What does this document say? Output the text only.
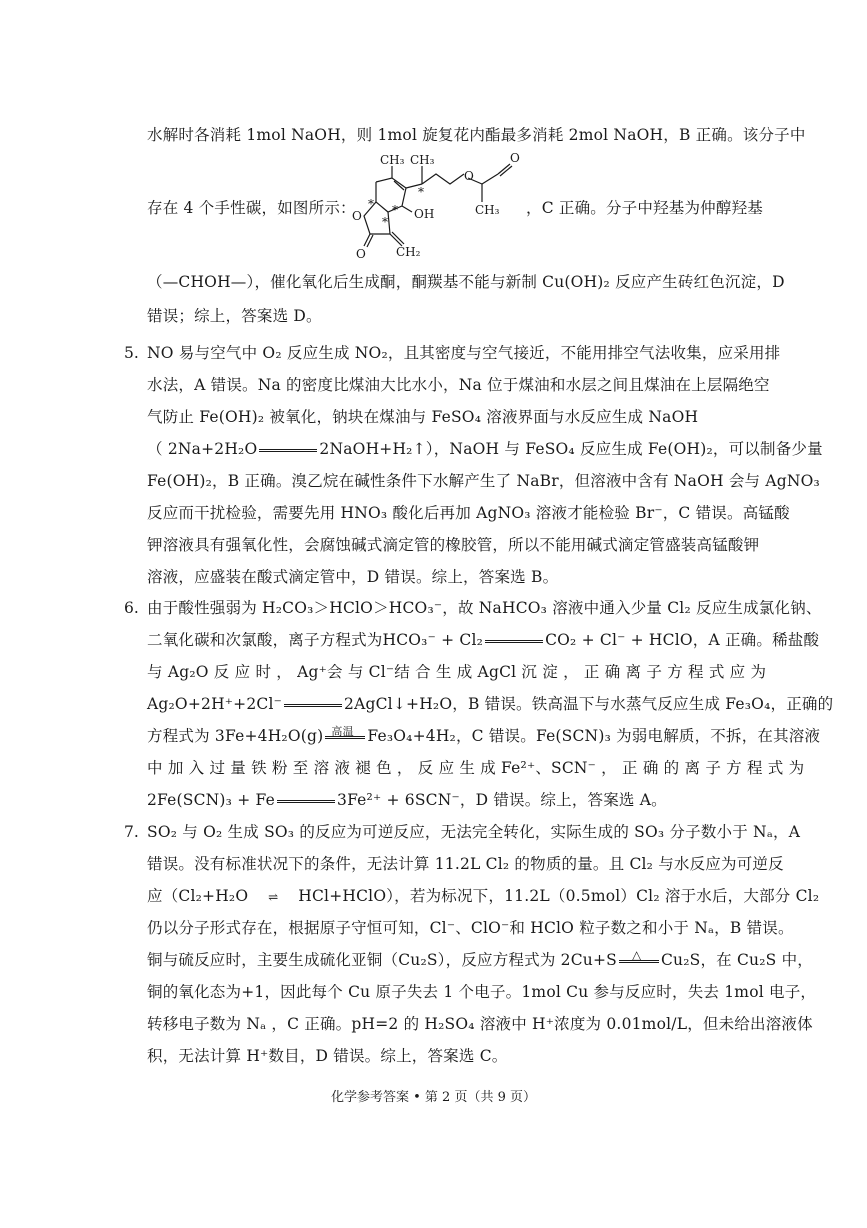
水解时各消耗 1mol NaOH，则 1mol 旋复花内酯最多消耗 2mol NaOH，B 正确。该分子中
存在 4 个手性碳，如图所示：
CH₃ CH₃
OH
CH₂
O
O
O
O
CH₃
*
*
*
*
，C 正确。分子中羟基为仲醇羟基
（—CHOH—），催化氧化后生成酮，酮羰基不能与新制 Cu(OH)₂ 反应产生砖红色沉淀，D
错误；综上，答案选 D。
5. NO 易与空气中 O₂ 反应生成 NO₂，且其密度与空气接近，不能用排空气法收集，应采用排
水法，A 错误。Na 的密度比煤油大比水小，Na 位于煤油和水层之间且煤油在上层隔绝空
气防止 Fe(OH)₂ 被氧化，钠块在煤油与 FeSO₄ 溶液界面与水反应生成 NaOH
（ 2Na+2H₂O	2NaOH+H₂↑），NaOH 与 FeSO₄ 反应生成 Fe(OH)₂，可以制备少量
Fe(OH)₂，B 正确。溴乙烷在碱性条件下水解产生了 NaBr，但溶液中含有 NaOH 会与 AgNO₃
反应而干扰检验，需要先用 HNO₃ 酸化后再加 AgNO₃ 溶液才能检验 Br⁻，C 错误。高锰酸
钾溶液具有强氧化性，会腐蚀碱式滴定管的橡胶管，所以不能用碱式滴定管盛装高锰酸钾
溶液，应盛装在酸式滴定管中，D 错误。综上，答案选 B。
6. 由于酸性强弱为 H₂CO₃＞HClO＞HCO₃⁻，故 NaHCO₃ 溶液中通入少量 Cl₂ 反应生成氯化钠、
二氧化碳和次氯酸，离子方程式为HCO₃⁻ + Cl₂	CO₂ + Cl⁻ + HClO，A 正确。稀盐酸
与 Ag₂O 反 应 时 ， Ag⁺会 与 Cl⁻结 合 生 成 AgCl 沉 淀 ， 正 确 离 子 方 程 式 应 为
Ag₂O+2H⁺+2Cl⁻	2AgCl↓+H₂O，B 错误。铁高温下与水蒸气反应生成 Fe₃O₄，正确的
方程式为 3Fe+4H₂O(g) 高温 Fe₃O₄+4H₂，C 错误。Fe(SCN)₃ 为弱电解质，不拆，在其溶液
中 加 入 过 量 铁 粉 至 溶 液 褪 色 ， 反 应 生 成 Fe²⁺、SCN⁻ ， 正 确 的 离 子 方 程 式 为
2Fe(SCN)₃ + Fe	3Fe²⁺ + 6SCN⁻，D 错误。综上，答案选 A。
7. SO₂ 与 O₂ 生成 SO₃ 的反应为可逆反应，无法完全转化，实际生成的 SO₃ 分子数小于 Nₐ，A
错误。没有标准状况下的条件，无法计算 11.2L Cl₂ 的物质的量。且 Cl₂ 与水反应为可逆反
应（Cl₂+H₂O ⇌ HCl+HClO），若为标况下，11.2L（0.5mol）Cl₂ 溶于水后，大部分 Cl₂
仍以分子形式存在，根据原子守恒可知，Cl⁻、ClO⁻和 HClO 粒子数之和小于 Nₐ，B 错误。
铜与硫反应时，主要生成硫化亚铜（Cu₂S），反应方程式为 2Cu+S △ Cu₂S，在 Cu₂S 中，
铜的氧化态为+1，因此每个 Cu 原子失去 1 个电子。1mol Cu 参与反应时，失去 1mol 电子，
转移电子数为 Nₐ ，C 正确。pH=2 的 H₂SO₄ 溶液中 H⁺浓度为 0.01mol/L，但未给出溶液体
积，无法计算 H⁺数目，D 错误。综上，答案选 C。
化学参考答案 • 第 2 页（共 9 页）
